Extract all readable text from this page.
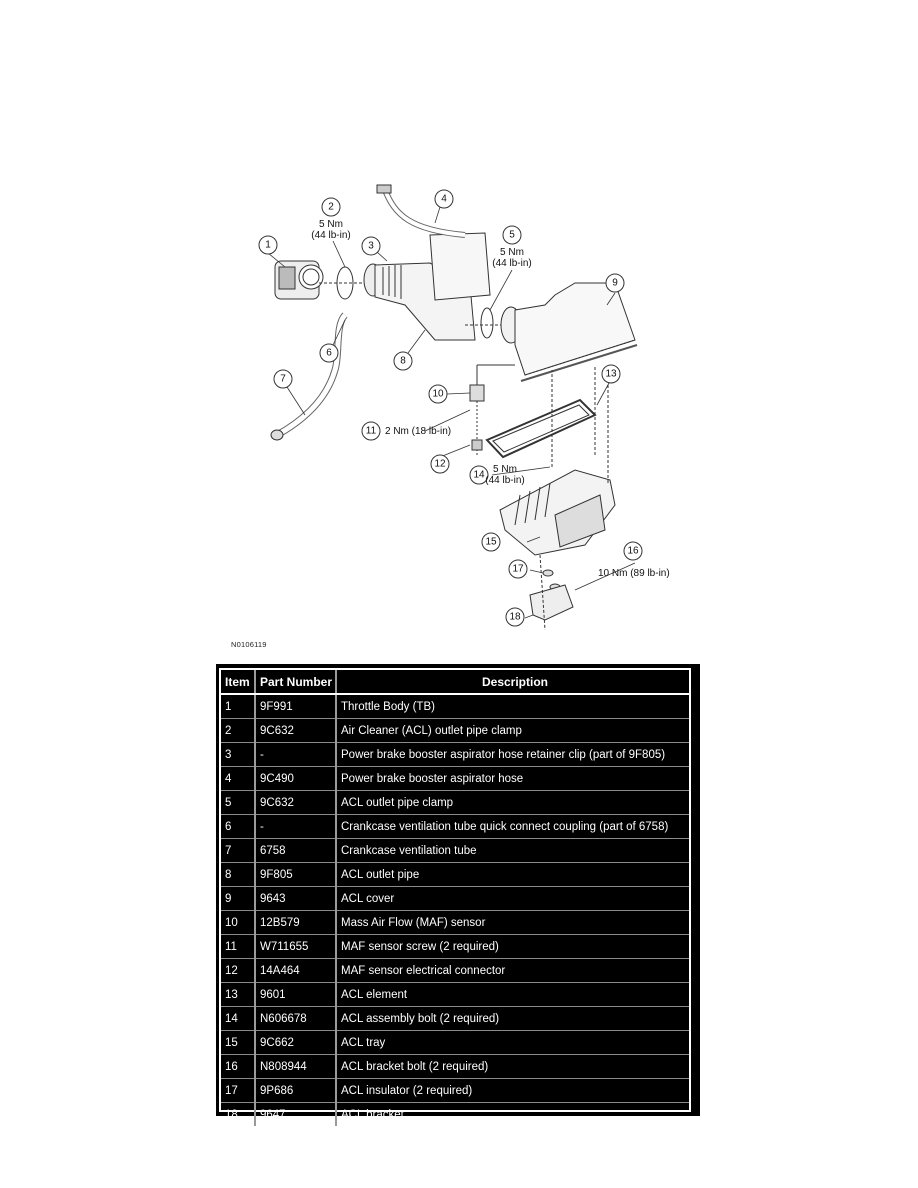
1
2
5 Nm
(44 lb-in)
3
4
5
5 Nm
(44 lb-in)
6
7
8
9
10
11 2 Nm (18 lb-in)
12
13
14 5 Nm
(44 lb-in)
15
16
10 Nm (89 lb-in)
17
18
N0106119
Item	Part Number	Description
1	9F991	Throttle Body (TB)
2	9C632	Air Cleaner (ACL) outlet pipe clamp
3	-	Power brake booster aspirator hose retainer clip (part of 9F805)
4	9C490	Power brake booster aspirator hose
5	9C632	ACL outlet pipe clamp
6	-	Crankcase ventilation tube quick connect coupling (part of 6758)
7	6758	Crankcase ventilation tube
8	9F805	ACL outlet pipe
9	9643	ACL cover
10	12B579	Mass Air Flow (MAF) sensor
11	W711655	MAF sensor screw (2 required)
12	14A464	MAF sensor electrical connector
13	9601	ACL element
14	N606678	ACL assembly bolt (2 required)
15	9C662	ACL tray
16	N808944	ACL bracket bolt (2 required)
17	9P686	ACL insulator (2 required)
18	9647	ACL bracket
